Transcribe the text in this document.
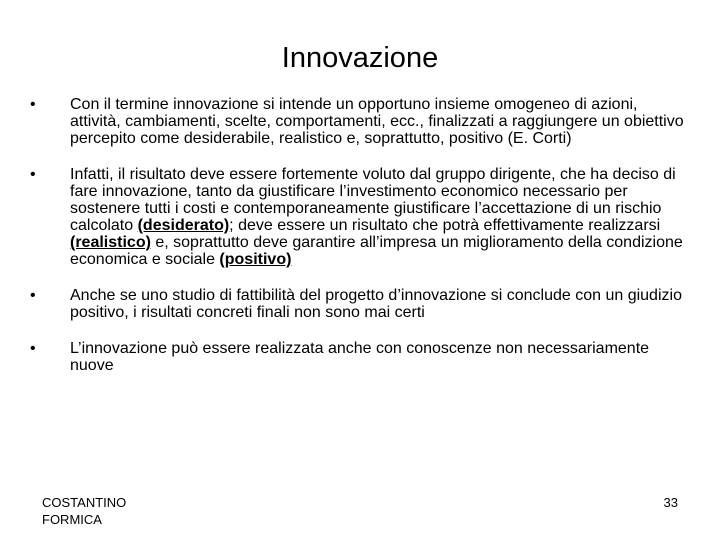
Innovazione
• Con il termine innovazione si intende un opportuno insieme omogeneo di azioni, attività, cambiamenti, scelte, comportamenti, ecc., finalizzati a raggiungere un obiettivo percepito come desiderabile, realistico e, soprattutto, positivo (E. Corti)
• Infatti, il risultato deve essere fortemente voluto dal gruppo dirigente, che ha deciso di fare innovazione, tanto da giustificare l’investimento economico necessario per sostenere tutti i costi e contemporaneamente giustificare l’accettazione di un rischio calcolato (desiderato); deve essere un risultato che potrà effettivamente realizzarsi (realistico) e, soprattutto deve garantire all’impresa un miglioramento della condizione economica e sociale (positivo)
• Anche se uno studio di fattibilità del progetto d’innovazione si conclude con un giudizio positivo, i risultati concreti finali non sono mai certi
• L’innovazione può essere realizzata anche con conoscenze non necessariamente nuove
COSTANTINO
FORMICA
33
